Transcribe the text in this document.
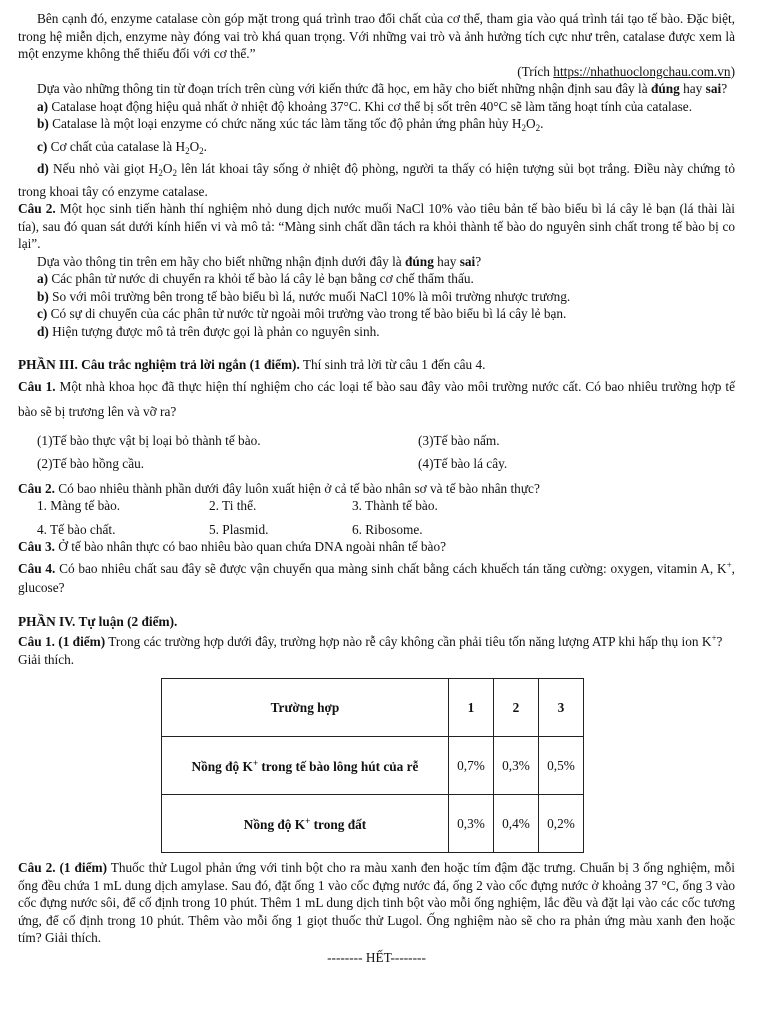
Bên cạnh đó, enzyme catalase còn góp mặt trong quá trình trao đổi chất của cơ thể, tham gia vào quá trình tái tạo tế bào. Đặc biệt, trong hệ miễn dịch, enzyme này đóng vai trò khá quan trọng. Với những vai trò và ảnh hưởng tích cực như trên, catalase được xem là một enzyme không thể thiếu đối với cơ thể.”

(Trích https://nhathuoclongchau.com.vn)

Dựa vào những thông tin từ đoạn trích trên cùng với kiến thức đã học, em hãy cho biết những nhận định sau đây là đúng hay sai?

a) Catalase hoạt động hiệu quả nhất ở nhiệt độ khoảng 37°C. Khi cơ thể bị sốt trên 40°C sẽ làm tăng hoạt tính của catalase.

b) Catalase là một loại enzyme có chức năng xúc tác làm tăng tốc độ phản ứng phân hủy $H_2O_2$.

c) Cơ chất của catalase là $H_2O_2$.

d) Nếu nhỏ vài giọt $H_2O_2$ lên lát khoai tây sống ở nhiệt độ phòng, người ta thấy có hiện tượng sủi bọt trắng. Điều này chứng tỏ trong khoai tây có enzyme catalase.

Câu 2. Một học sinh tiến hành thí nghiệm nhỏ dung dịch nước muối NaCl 10% vào tiêu bản tế bào biểu bì lá cây lẻ bạn (lá thài lài tía), sau đó quan sát dưới kính hiển vi và mô tả: “Màng sinh chất dần tách ra khỏi thành tế bào do nguyên sinh chất trong tế bào bị co lại”.

Dựa vào thông tin trên em hãy cho biết những nhận định dưới đây là đúng hay sai?

a) Các phân tử nước di chuyển ra khỏi tế bào lá cây lẻ bạn bằng cơ chế thẩm thấu.

b) So với môi trường bên trong tế bào biểu bì lá, nước muối NaCl 10% là môi trường nhược trương.

c) Có sự di chuyển của các phân tử nước từ ngoài môi trường vào trong tế bào biểu bì lá cây lẻ bạn.

d) Hiện tượng được mô tả trên được gọi là phản co nguyên sinh.

PHẦN III. Câu trắc nghiệm trả lời ngắn (1 điểm). Thí sinh trả lời từ câu 1 đến câu 4.

Câu 1. Một nhà khoa học đã thực hiện thí nghiệm cho các loại tế bào sau đây vào môi trường nước cất. Có bao nhiêu trường hợp tế bào sẽ bị trương lên và vỡ ra?

(1)Tế bào thực vật bị loại bỏ thành tế bào.	(3)Tế bào nấm.
(2)Tế bào hồng cầu.	(4)Tế bào lá cây.

Câu 2. Có bao nhiêu thành phần dưới đây luôn xuất hiện ở cả tế bào nhân sơ và tế bào nhân thực?

1. Màng tế bào.	2. Ti thể.	3. Thành tế bào.
4. Tế bào chất.	5. Plasmid.	6. Ribosome.

Câu 3. Ở tế bào nhân thực có bao nhiêu bào quan chứa DNA ngoài nhân tế bào?

Câu 4. Có bao nhiêu chất sau đây sẽ được vận chuyển qua màng sinh chất bằng cách khuếch tán tăng cường: oxygen, vitamin A, K+, glucose?

PHẦN IV. Tự luận (2 điểm).

Câu 1. (1 điểm) Trong các trường hợp dưới đây, trường hợp nào rễ cây không cần phải tiêu tốn năng lượng ATP khi hấp thụ ion K+? Giải thích.

Trường hợp	1	2	3
Nồng độ K+ trong tế bào lông hút của rễ	0,7%	0,3%	0,5%
Nồng độ K+ trong đất	0,3%	0,4%	0,2%

Câu 2. (1 điểm) Thuốc thử Lugol phản ứng với tinh bột cho ra màu xanh đen hoặc tím đậm đặc trưng. Chuẩn bị 3 ống nghiệm, mỗi ống đều chứa 1 mL dung dịch amylase. Sau đó, đặt ống 1 vào cốc đựng nước đá, ống 2 vào cốc đựng nước ở khoảng 37 °C, ống 3 vào cốc đựng nước sôi, để cố định trong 10 phút. Thêm 1 mL dung dịch tinh bột vào mỗi ống nghiệm, lắc đều và đặt lại vào các cốc tương ứng, để cố định trong 10 phút. Thêm vào mỗi ống 1 giọt thuốc thử Lugol. Ống nghiệm nào sẽ cho ra phản ứng màu xanh đen hoặc tím? Giải thích.

-------- HẾT--------
